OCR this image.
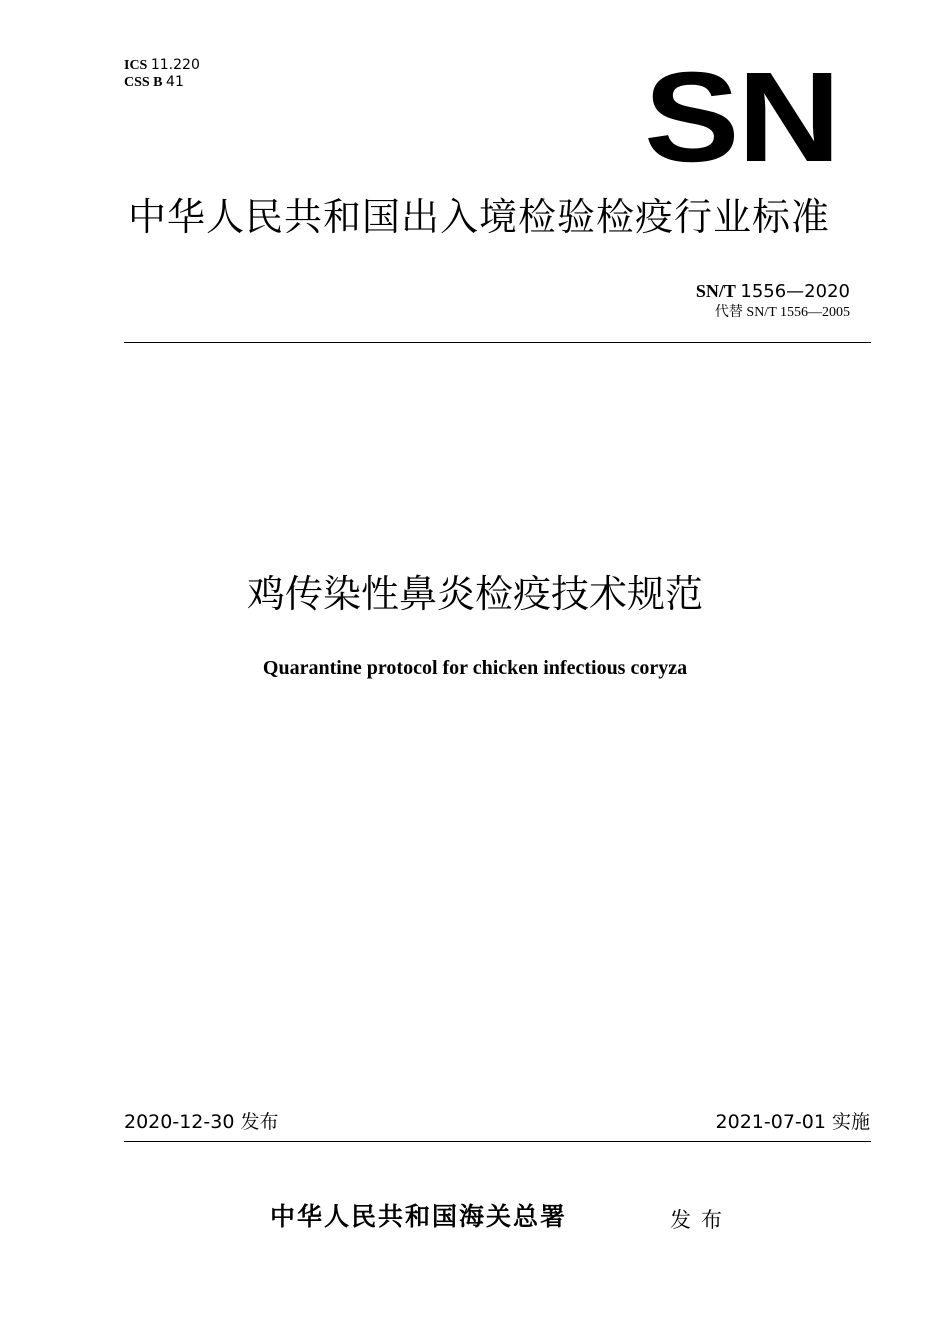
ICS 11.220
CSS B 41	SN
中华人民共和国出入境检验检疫行业标准
SN/T 1556—2020
代替 SN/T 1556—2005
鸡传染性鼻炎检疫技术规范
Quarantine protocol for chicken infectious coryza
2020-12-30 发布	2021-07-01 实施
中华人民共和国海关总署	发布
